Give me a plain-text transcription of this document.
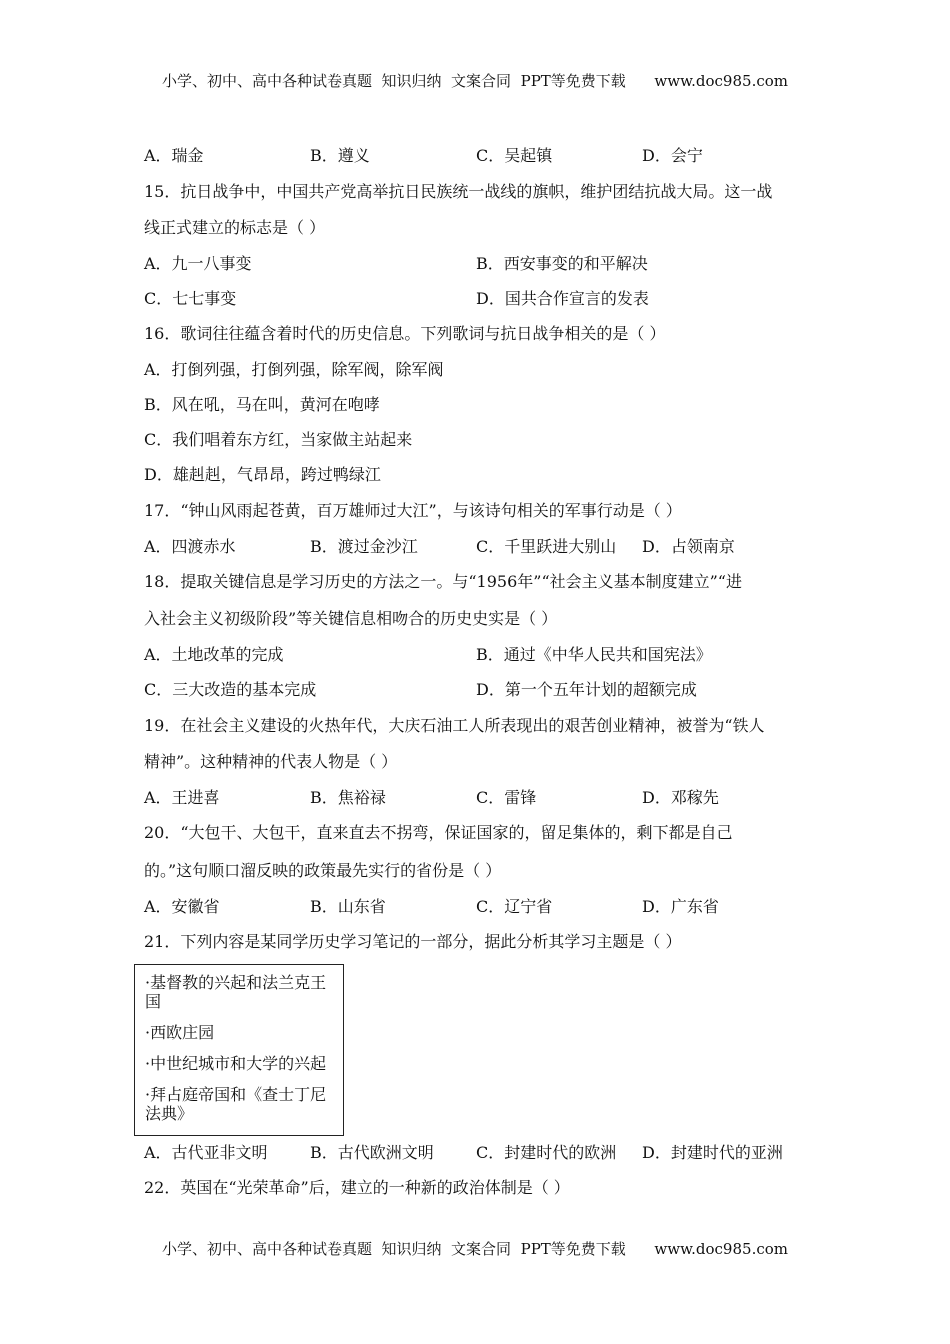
小学、初中、高中各种试卷真题  知识归纳  文案合同  PPT等免费下载      www.doc985.com
A．瑞金	B．遵义	C．吴起镇	D．会宁
15．抗日战争中，中国共产党高举抗日民族统一战线的旗帜，维护团结抗战大局。这一战
线正式建立的标志是（ ）
A．九一八事变	B．西安事变的和平解决
C．七七事变	D．国共合作宣言的发表
16．歌词往往蕴含着时代的历史信息。下列歌词与抗日战争相关的是（ ）
A．打倒列强，打倒列强，除军阀，除军阀
B．风在吼，马在叫，黄河在咆哮
C．我们唱着东方红，当家做主站起来
D．雄赳赳，气昂昂，跨过鸭绿江
17．“钟山风雨起苍黄，百万雄师过大江”，与该诗句相关的军事行动是（ ）
A．四渡赤水	B．渡过金沙江	C．千里跃进大别山 D．占领南京
18．提取关键信息是学习历史的方法之一。与“1956年”“社会主义基本制度建立”“进
入社会主义初级阶段”等关键信息相吻合的历史史实是（ ）
A．土地改革的完成	B．通过《中华人民共和国宪法》
C．三大改造的基本完成	D．第一个五年计划的超额完成
19．在社会主义建设的火热年代，大庆石油工人所表现出的艰苦创业精神，被誉为“铁人
精神”。这种精神的代表人物是（ ）
A．王进喜	B．焦裕禄	C．雷锋	D．邓稼先
20．“大包干、大包干，直来直去不拐弯，保证国家的，留足集体的，剩下都是自己
的。”这句顺口溜反映的政策最先实行的省份是（ ）
A．安徽省	B．山东省	C．辽宁省	D．广东省
21．下列内容是某同学历史学习笔记的一部分，据此分析其学习主题是（ ）
·基督教的兴起和法兰克王国
·西欧庄园
·中世纪城市和大学的兴起
·拜占庭帝国和《查士丁尼法典》
A．古代亚非文明	B．古代欧洲文明	C．封建时代的欧洲 D．封建时代的亚洲
22．英国在“光荣革命”后，建立的一种新的政治体制是（ ）
小学、初中、高中各种试卷真题  知识归纳  文案合同  PPT等免费下载      www.doc985.com
